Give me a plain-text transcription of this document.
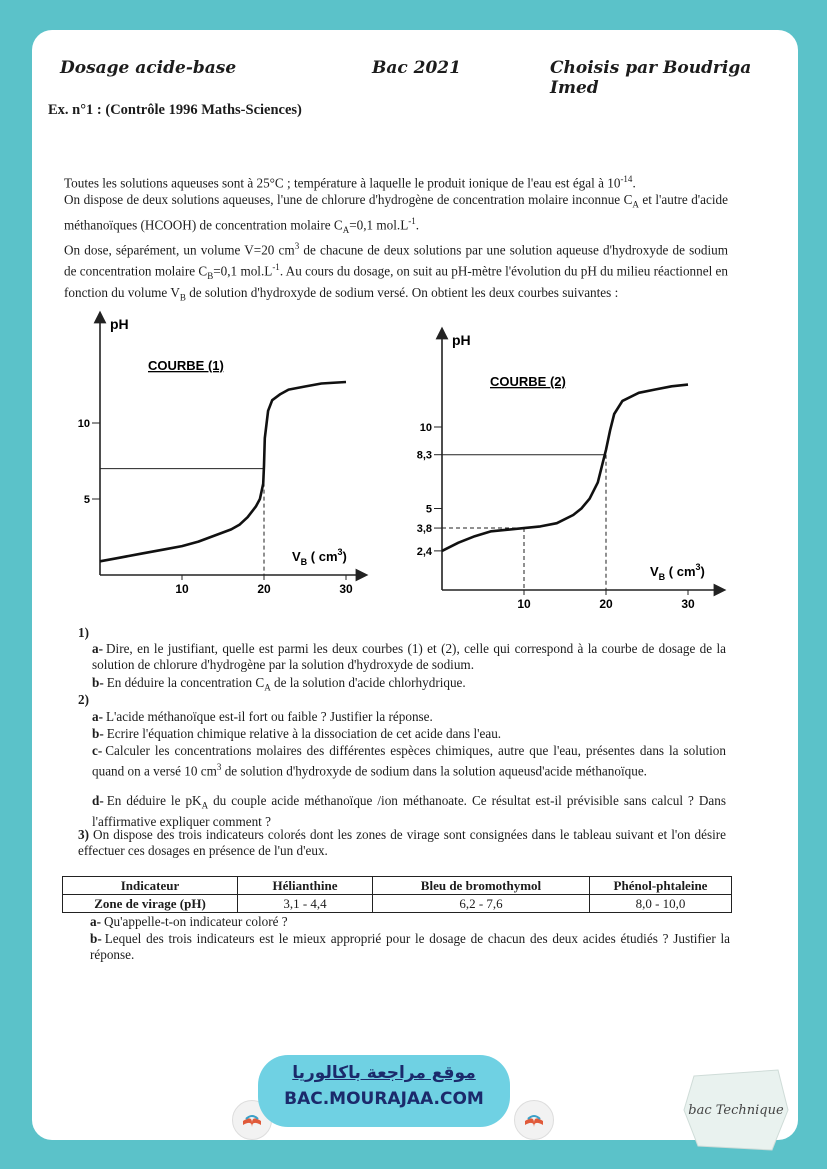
Dosage acide-base	Bac 2021	Choisis par Boudriga Imed
Ex. n°1 : (Contrôle 1996 Maths-Sciences)

Toutes les solutions aqueuses sont à 25°C ; température à laquelle le produit ionique de l'eau est égal à $10^{-14}$.

On dispose de deux solutions aqueuses, l'une de chlorure d'hydrogène de concentration molaire inconnue $C_A$ et l'autre d'acide méthanoïques (HCOOH) de concentration molaire $C_A=0,1$ $mol.L^{-1}$.

On dose, séparément, un volume V=20 $cm^3$ de chacune de deux solutions par une solution aqueuse d'hydroxyde de sodium de concentration molaire $C_B=0,1$ $mol.L^{-1}$. Au cours du dosage, on suit au pH-mètre l'évolution du pH du milieu réactionnel en fonction du volume $V_B$ de solution d'hydroxyde de sodium versé. On obtient les deux courbes suivantes :

pH
$V_B$ ( $cm^3$)
COURBE (1)
10	20	30
5
10
pH
$V_B$ ( $cm^3$)
COURBE (2)
10	20	30
2,4
3,8
5
8,3
10
1)
a- Dire, en le justifiant, quelle est parmi les deux courbes (1) et (2), celle qui correspond à la courbe de dosage de la solution de chlorure d'hydrogène par la solution d'hydroxyde de sodium.
b- En déduire la concentration $C_A$ de la solution d'acide chlorhydrique.
2)
a- L'acide méthanoïque est-il fort ou faible ? Justifier la réponse.
b- Ecrire l'équation chimique relative à la dissociation de cet acide dans l'eau.
c- Calculer les concentrations molaires des différentes espèces chimiques, autre que l'eau, présentes dans la solution quand on a versé 10 $cm^3$ de solution d'hydroxyde de sodium dans la solution aqueusd'acide méthanoïque.
d- En déduire le $pK_A$ du couple acide méthanoïque /ion méthanoate. Ce résultat est-il prévisible sans calcul ? Dans l'affirmative expliquer comment ?
3) On dispose des trois indicateurs colorés dont les zones de virage sont consignées dans le tableau suivant et l'on désire effectuer ces dosages en présence de l'un d'eux.
Indicateur	Hélianthine	Bleu de bromothymol	Phénol-phtaleine
Zone de virage (pH)	3,1 - 4,4	6,2 - 7,6	8,0 - 10,0
a- Qu'appelle-t-on indicateur coloré ?
b- Lequel des trois indicateurs est le mieux approprié pour le dosage de chacun des deux acides étudiés ? Justifier la réponse.
موقع مراجعة باكالوريا
BAC.MOURAJAA.COM
bac Technique
